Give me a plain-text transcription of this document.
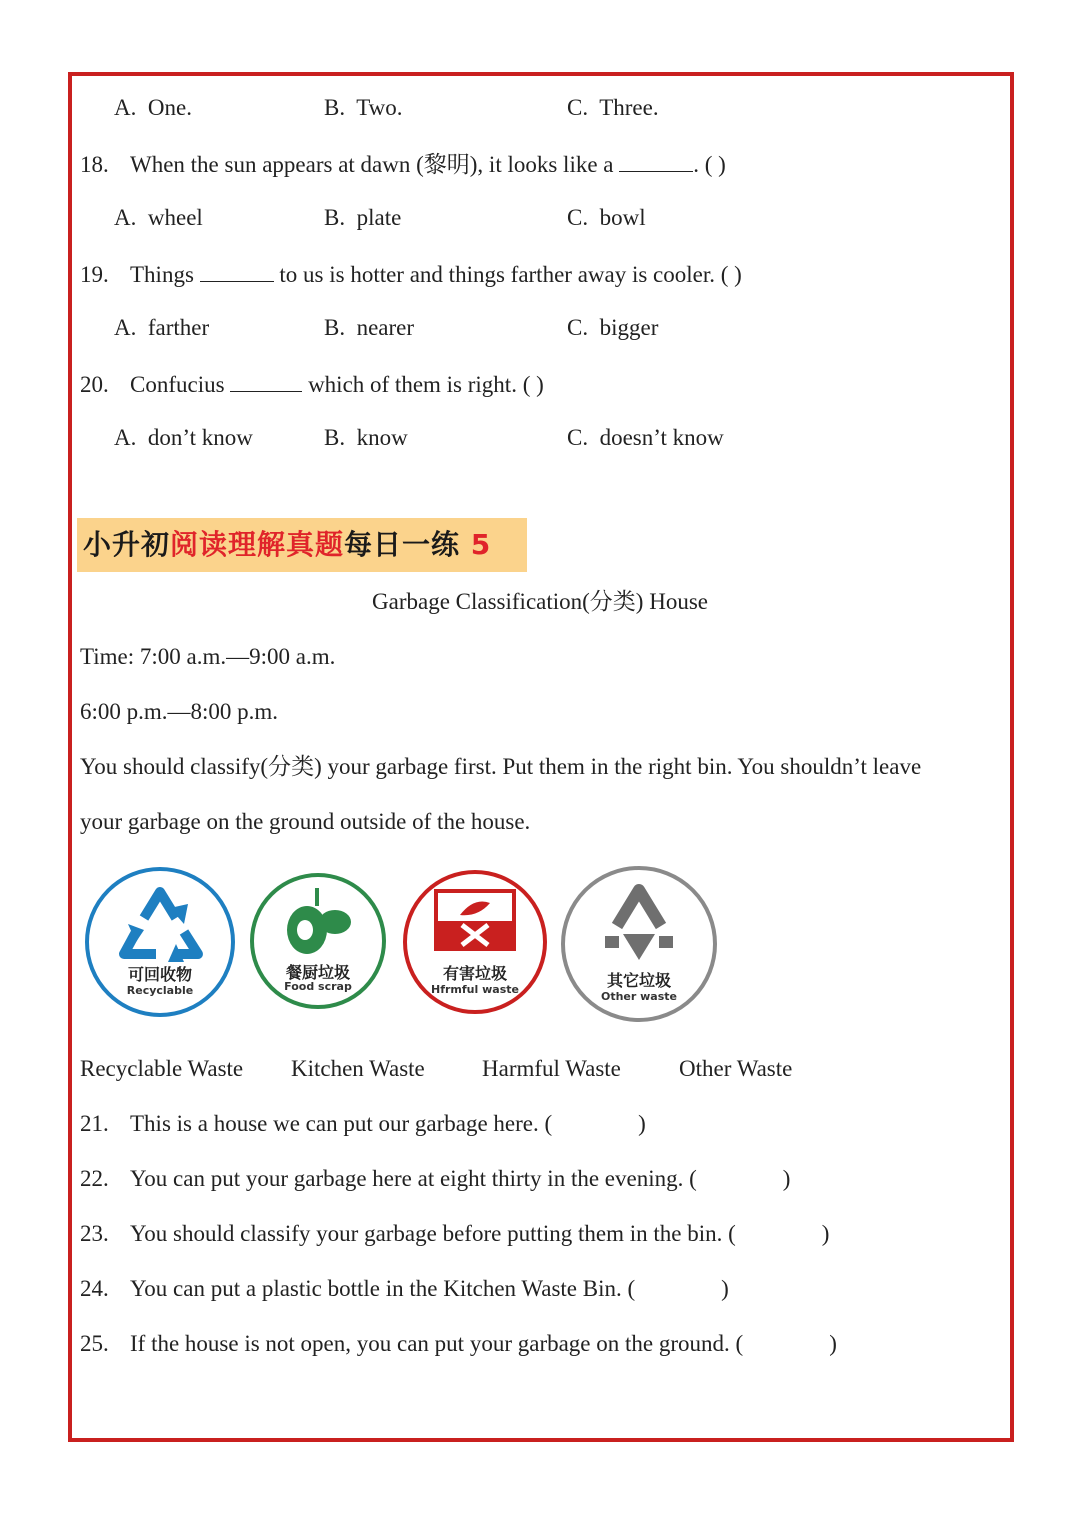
A. One.	B. Two.	C. Three.
18. When the sun appears at dawn (黎明), it looks like a	. ( )
A. wheel	B. plate	C. bowl
19. Things	to us is hotter and things farther away is cooler. ( )
A. farther	B. nearer	C. bigger
20. Confucius	which of them is right. ( )
A. don’t know	B. know	C. doesn’t know
小升初阅读理解真题每日一练 5
Garbage Classification(分类) House
Time: 7:00 a.m.—9:00 a.m.
6:00 p.m.—8:00 p.m.
You should classify(分类) your garbage first. Put them in the right bin. You shouldn’t leave
your garbage on the ground outside of the house.
可回收物
Recyclable
餐厨垃圾
Food scrap
有害垃圾
Hfrmful waste	其它垃圾
Other waste
Recyclable Waste Kitchen Waste Harmful Waste	Other Waste
21. This is a house we can put our garbage here. (	)
22. You can put your garbage here at eight thirty in the evening. (	)
23. You should classify your garbage before putting them in the bin. (	)
24. You can put a plastic bottle in the Kitchen Waste Bin. (	)
25. If the house is not open, you can put your garbage on the ground. (	)
